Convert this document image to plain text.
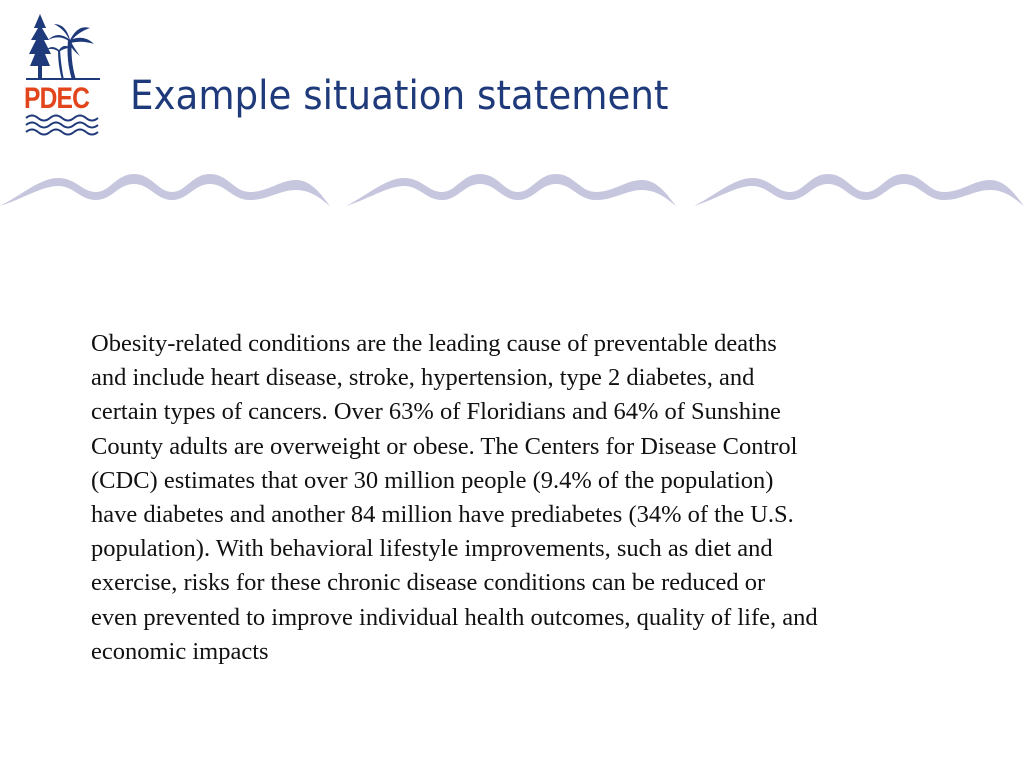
PDEC Example situation statement

Obesity-related conditions are the leading cause of preventable deaths
and include heart disease, stroke, hypertension, type 2 diabetes, and
certain types of cancers. Over 63% of Floridians and 64% of Sunshine
County adults are overweight or obese. The Centers for Disease Control
(CDC) estimates that over 30 million people (9.4% of the population)
have diabetes and another 84 million have prediabetes (34% of the U.S.
population). With behavioral lifestyle improvements, such as diet and
exercise, risks for these chronic disease conditions can be reduced or
even prevented to improve individual health outcomes, quality of life, and
economic impacts
